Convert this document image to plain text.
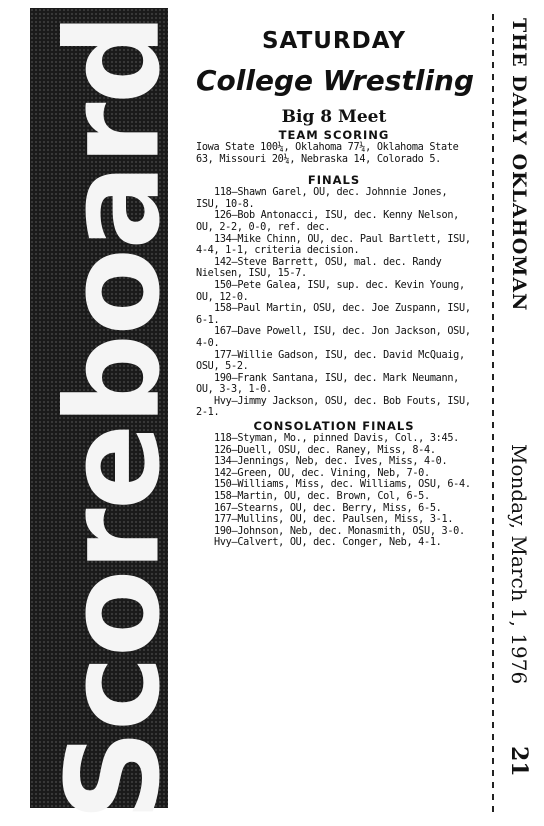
Scoreboard	SATURDAY
College Wrestling
Big 8 Meet
TEAM SCORING

Iowa State 100¼, Oklahoma 77¼, Oklahoma State 63, Missouri 20¼, Nebraska 14, Colorado 5.

FINALS

118—Shawn Garel, OU, dec. Johnnie Jones, ISU, 10-8.

126—Bob Antonacci, ISU, dec. Kenny Nelson, OU, 2-2, 0-0, ref. dec.

134—Mike Chinn, OU, dec. Paul Bartlett, ISU, 4-4, 1-1, criteria decision.

142—Steve Barrett, OSU, mal. dec. Randy Nielsen, ISU, 15-7.

150—Pete Galea, ISU, sup. dec. Kevin Young, OU, 12-0.

158—Paul Martin, OSU, dec. Joe Zuspann, ISU, 6-1.

167—Dave Powell, ISU, dec. Jon Jackson, OSU, 4-0.

177—Willie Gadson, ISU, dec. David McQuaig, OSU, 5-2.

190—Frank Santana, ISU, dec. Mark Neumann, OU, 3-3, 1-0.

Hvy—Jimmy Jackson, OSU, dec. Bob Fouts, ISU, 2-1.

CONSOLATION FINALS

118—Styman, Mo., pinned Davis, Col., 3:45.

126—Duell, OSU, dec. Raney, Miss, 8-4.

134—Jennings, Neb, dec. Ives, Miss, 4-0.

142—Green, OU, dec. Vining, Neb, 7-0.

150—Williams, Miss, dec. Williams, OSU, 6-4.

158—Martin, OU, dec. Brown, Col, 6-5.

167—Stearns, OU, dec. Berry, Miss, 6-5.

177—Mullins, OU, dec. Paulsen, Miss, 3-1.

190—Johnson, Neb, dec. Monasmith, OSU, 3-0.

Hvy—Calvert, OU, dec. Conger, Neb, 4-1.

THE DAILY OKLAHOMAN
Monday, March 1, 1976
21
